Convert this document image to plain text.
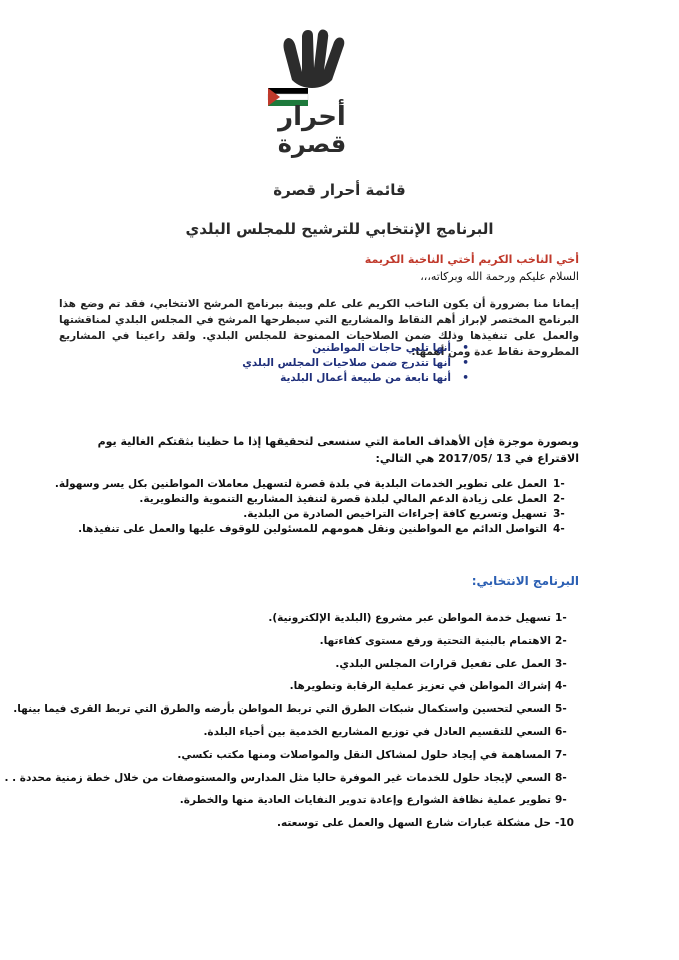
أحرار
قصرة
قائمة أحرار قصرة
البرنامج الإنتخابي للترشيح للمجلس البلدي
أخي الناخب الكريم أختي الناخبة الكريمة
السلام عليكم ورحمة الله وبركاته،،،
إيمانا منا بضرورة أن يكون الناخب الكريم على علم وبينة ببرنامج المرشح الانتخابي، فقد تم وضع هذا البرنامج المختصر لإبراز أهم النقاط والمشاريع التي سيطرحها المرشح في المجلس البلدي لمناقشتها والعمل على تنفيذها وذلك ضمن الصلاحيات الممنوحة للمجلس البلدي. ولقد راعينا في المشاريع المطروحة نقاط عدة ومن أهمها:
• أنها تلبي حاجات المواطنين
• أنها تتدرج ضمن صلاحيات المجلس البلدي
• أنها نابعة من طبيعة أعمال البلدية
وبصورة موجزة فإن الأهداف العامة التي سنسعى لتحقيقها إذا ما حظينا بثقتكم الغالية يوم الاقتراع في 13 /2017/05 هي التالي:
-1
العمل على تطوير الخدمات البلدية في بلدة قصرة لتسهيل معاملات المواطنين بكل يسر وسهولة.
-2
العمل على زيادة الدعم المالي لبلدة قصرة لتنفيذ المشاريع التنموية والتطويرية.
-3
تسهيل وتسريع كافة إجراءات التراخيص الصادرة من البلدية.
-4
التواصل الدائم مع المواطنين ونقل همومهم للمسئولين للوقوف عليها والعمل على تنفيذها.
البرنامج الانتخابي:
-1
تسهيل خدمة المواطن عبر مشروع (البلدية الإلكترونية).
-2
الاهتمام بالبنية التحتية ورفع مستوى كفاءتها.
-3
العمل على تفعيل قرارات المجلس البلدي.
-4
إشراك المواطن في تعزيز عملية الرقابة وتطويرها.
-5
السعي لتحسين واستكمال شبكات الطرق التي تربط المواطن بأرضه والطرق التي تربط القرى فيما بينها.
-6
السعي للتقسيم العادل في توزيع المشاريع الخدمية بين أحياء البلدة.
-7
المساهمة في إيجاد حلول لمشاكل النقل والمواصلات ومنها مكتب تكسي.
-8
السعي لإيجاد حلول للخدمات غير الموفرة حاليا مثل المدارس والمستوصفات من خلال خطة زمنية محددة . .
-9
تطوير عملية نظافة الشوارع وإعادة تدوير النفايات العادية منها والخطرة.
10-
حل مشكلة عبارات شارع السهل والعمل على توسعته.
